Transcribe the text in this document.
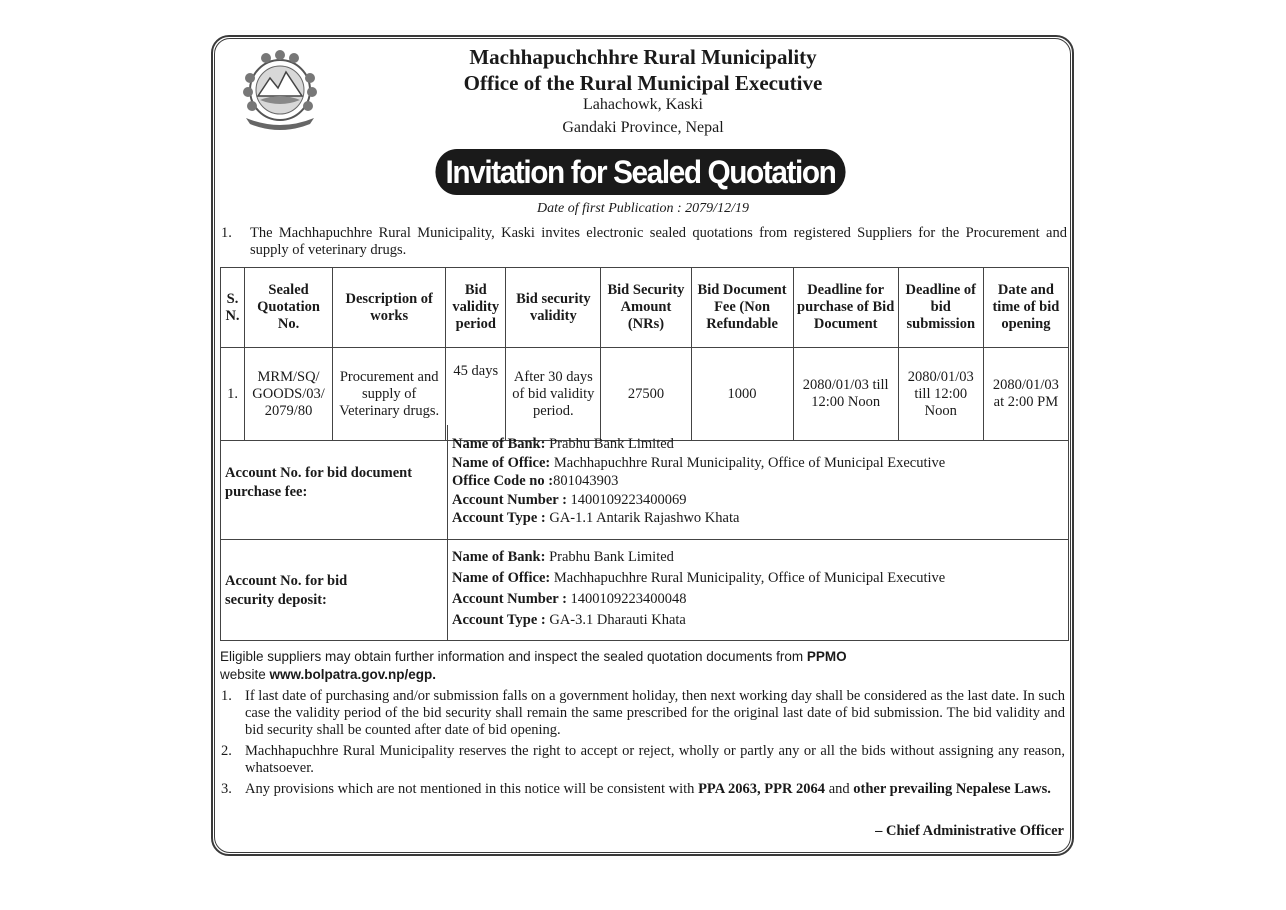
Machhapuchchhre Rural Municipality
Office of the Rural Municipal Executive
Lahachowk, Kaski
Gandaki Province, Nepal
Invitation for Sealed Quotation
Date of first Publication : 2079/12/19
1. The Machhapuchhre Rural Municipality, Kaski invites electronic sealed quotations from registered Suppliers for the Procurement and supply of veterinary drugs.
S. N.	Sealed Quotation No.	Description of works	Bid validity period	Bid security validity	Bid Security Amount (NRs)	Bid Document Fee (Non Refundable	Deadline for purchase of Bid Document	Deadline of bid submission	Date and time of bid opening
1.	MRM/SQ/ GOODS/03/ 2079/80	Procurement and supply of Veterinary drugs.	45 days	After 30 days of bid validity period.	27500	1000	2080/01/03 till 12:00 Noon	2080/01/03 till 12:00 Noon	2080/01/03 at 2:00 PM
Account No. for bid document purchase fee:
Name of Bank: Prabhu Bank Limited
Name of Office: Machhapuchhre Rural Municipality, Office of Municipal Executive
Office Code no :801043903
Account Number : 1400109223400069
Account Type : GA-1.1 Antarik Rajashwo Khata
Account No. for bid security deposit:
Name of Bank: Prabhu Bank Limited
Name of Office: Machhapuchhre Rural Municipality, Office of Municipal Executive
Account Number : 1400109223400048
Account Type : GA-3.1 Dharauti Khata
Eligible suppliers may obtain further information and inspect the sealed quotation documents from PPMO
website www.bolpatra.gov.np/egp.
1. If last date of purchasing and/or submission falls on a government holiday, then next working day shall be considered as the last date. In such case the validity period of the bid security shall remain the same prescribed for the original last date of bid submission. The bid validity and bid security shall be counted after date of bid opening.
2. Machhapuchhre Rural Municipality reserves the right to accept or reject, wholly or partly any or all the bids without assigning any reason, whatsoever.
3. Any provisions which are not mentioned in this notice will be consistent with PPA 2063, PPR 2064 and other prevailing Nepalese Laws.
– Chief Administrative Officer
